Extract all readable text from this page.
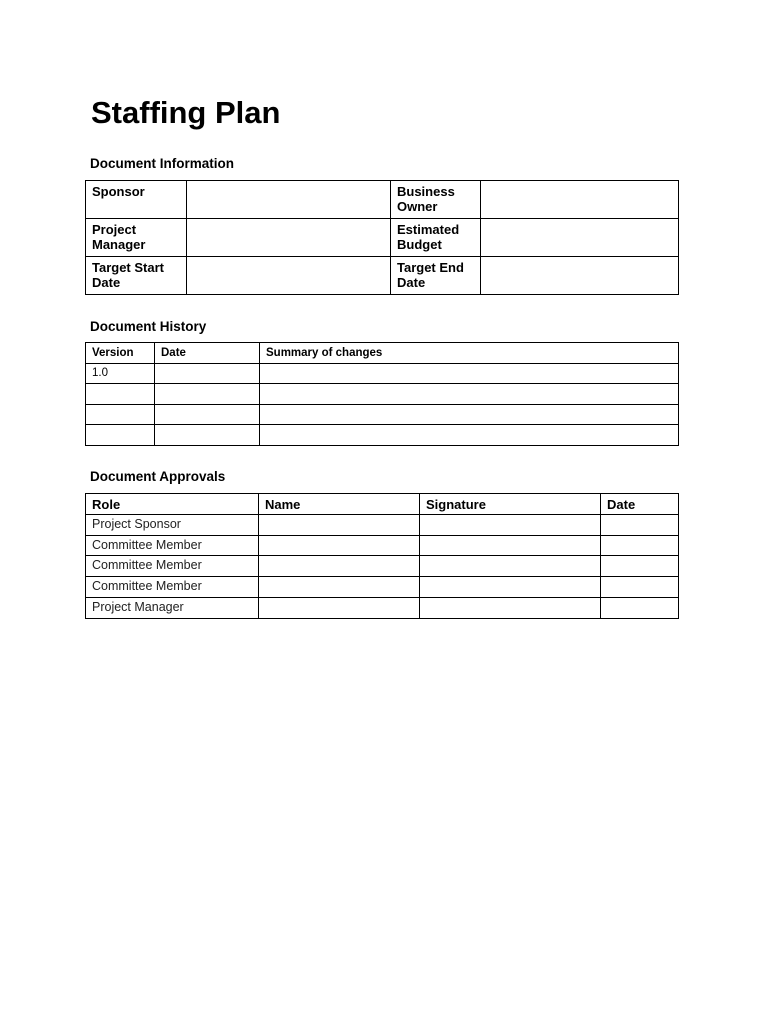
Staffing Plan
Document Information
Sponsor		Business Owner	
Project Manager		Estimated Budget	
Target Start Date		Target End Date	
Document History
Version	Date	Summary of changes
1.0		

Document Approvals
Role	Name	Signature	Date
Project Sponsor			
Committee Member			
Committee Member			
Committee Member			
Project Manager			
